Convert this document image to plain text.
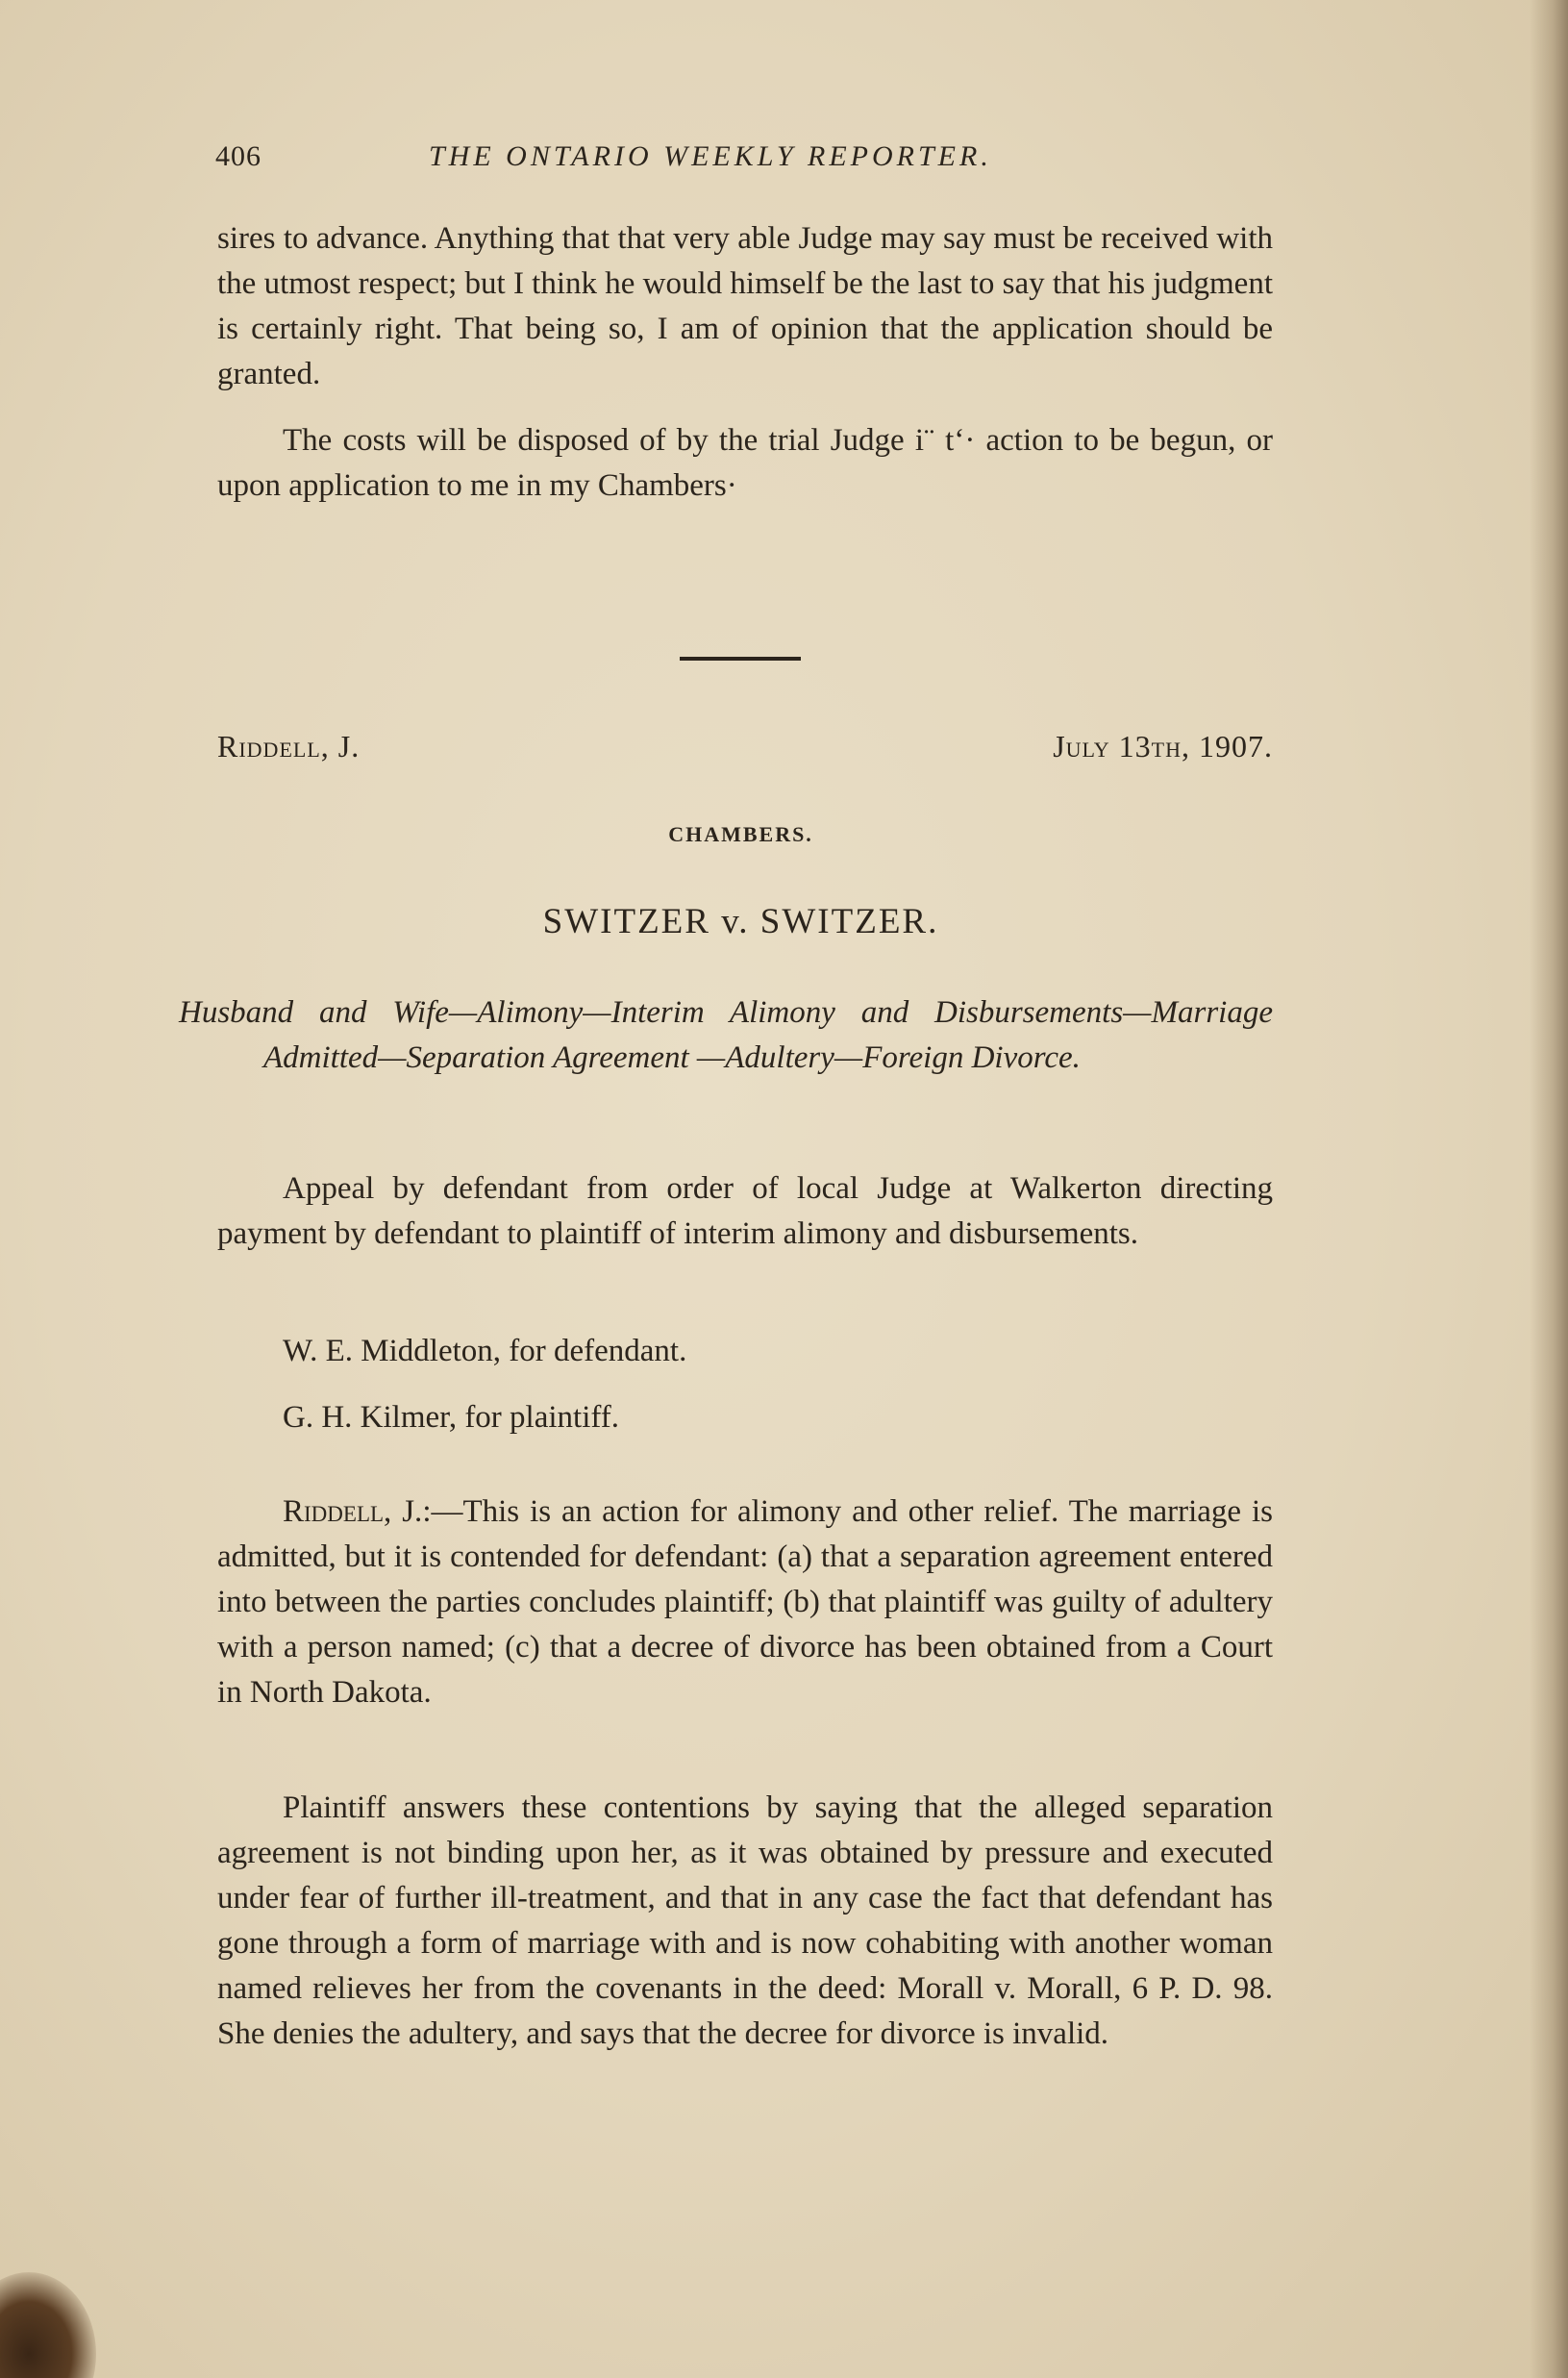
406	THE ONTARIO WEEKLY REPORTER.

sires to advance. Anything that that very able Judge may say must be received with the utmost respect; but I think he would himself be the last to say that his judgment is certainly right. That being so, I am of opinion that the application should be granted.

The costs will be disposed of by the trial Judge i¨ t‘· action to be begun, or upon application to me in my Chambers·

Riddell, J.	July 13th, 1907.
CHAMBERS.
SWITZER v. SWITZER.

Husband and Wife—Alimony—Interim Alimony and Disbursements—Marriage Admitted—Separation Agreement —Adultery—Foreign Divorce.

Appeal by defendant from order of local Judge at Walkerton directing payment by defendant to plaintiff of interim alimony and disbursements.

W. E. Middleton, for defendant.
G. H. Kilmer, for plaintiff.

Riddell, J.:—This is an action for alimony and other relief. The marriage is admitted, but it is contended for defendant: (a) that a separation agreement entered into between the parties concludes plaintiff; (b) that plaintiff was guilty of adultery with a person named; (c) that a decree of divorce has been obtained from a Court in North Dakota.

Plaintiff answers these contentions by saying that the alleged separation agreement is not binding upon her, as it was obtained by pressure and executed under fear of further ill-treatment, and that in any case the fact that defendant has gone through a form of marriage with and is now cohabiting with another woman named relieves her from the covenants in the deed: Morall v. Morall, 6 P. D. 98. She denies the adultery, and says that the decree for divorce is invalid.
